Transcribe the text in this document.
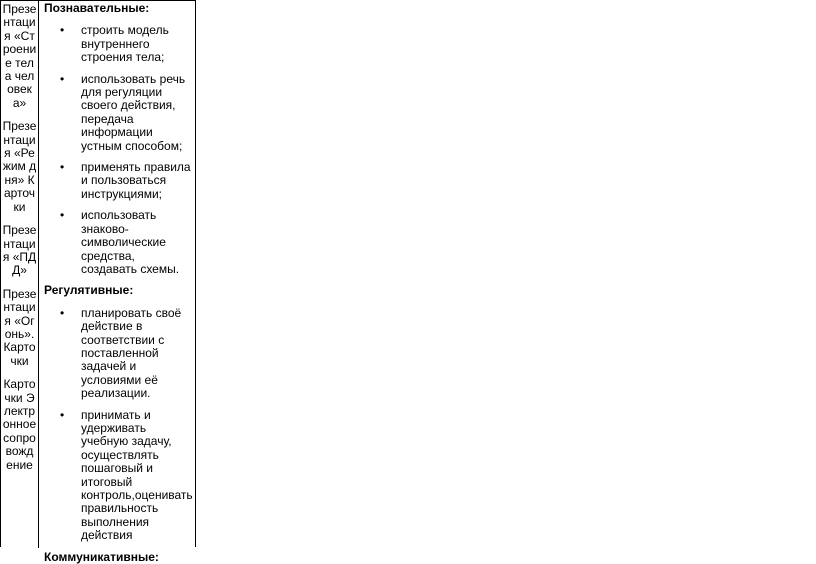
Презентация «Строение тела человека»

Презентация «Режим дня» Карточки

Презентация «ПДД»

Презентация «Огонь». Карточки

Карточки Электронное сопровождение

Познавательные:
• строить модель внутреннего строения тела;
• использовать речь для регуляции своего действия, передача информации устным способом;
• применять правила и пользоваться инструкциями;
• использовать знаково-символические средства, создавать схемы.
Регулятивные:
• планировать своё действие в соответствии с поставленной задачей и условиями её реализации.
• принимать и удерживать учебную задачу, осуществлять пошаговый и итоговый контроль,оценивать правильность выполнения действия
Коммуникативные:
